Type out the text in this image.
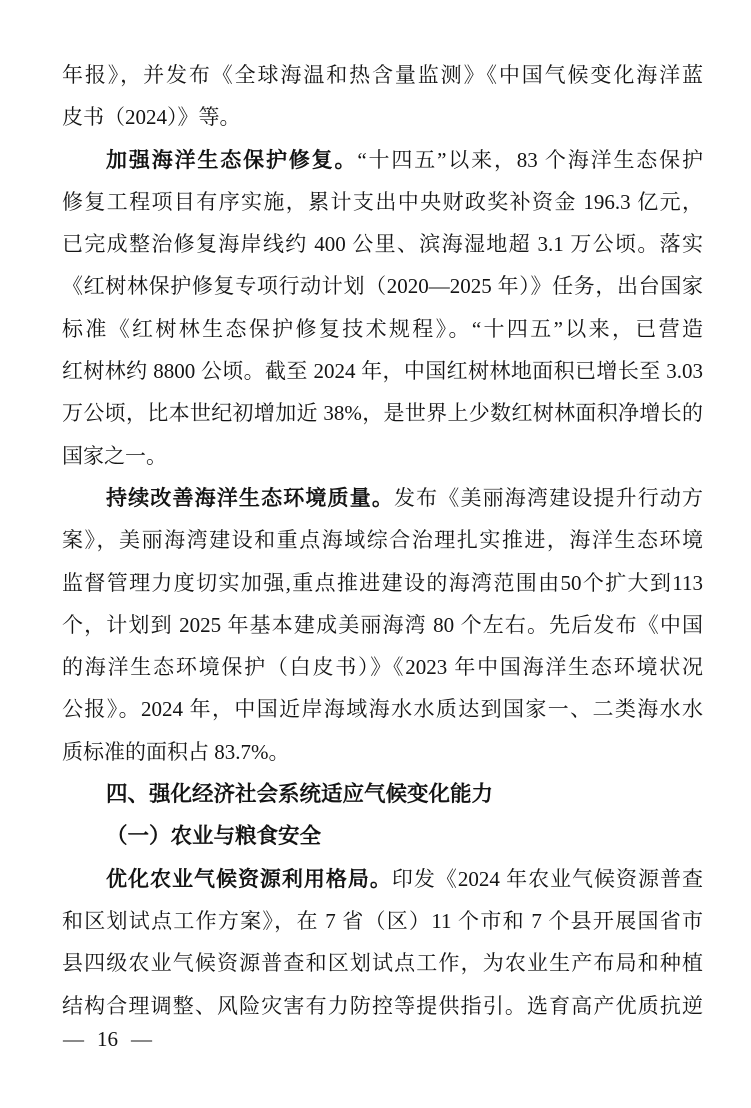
年报》，并发布《全球海温和热含量监测》《中国气候变化海洋蓝
皮书（2024）》等。
加强海洋生态保护修复。“十四五”以来，83 个海洋生态保护
修复工程项目有序实施，累计支出中央财政奖补资金 196.3 亿元，
已完成整治修复海岸线约 400 公里、滨海湿地超 3.1 万公顷。落实
《红树林保护修复专项行动计划（2020—2025 年）》任务，出台国家
标准《红树林生态保护修复技术规程》。“十四五”以来，已营造
红树林约 8800 公顷。截至 2024 年，中国红树林地面积已增长至 3.03
万公顷，比本世纪初增加近 38%，是世界上少数红树林面积净增长的
国家之一。
持续改善海洋生态环境质量。发布《美丽海湾建设提升行动方
案》，美丽海湾建设和重点海域综合治理扎实推进，海洋生态环境
监督管理力度切实加强,重点推进建设的海湾范围由50个扩大到113
个，计划到 2025 年基本建成美丽海湾 80 个左右。先后发布《中国
的海洋生态环境保护（白皮书）》《2023 年中国海洋生态环境状况
公报》。2024 年，中国近岸海域海水水质达到国家一、二类海水水
质标准的面积占 83.7%。
四、强化经济社会系统适应气候变化能力
（一）农业与粮食安全
优化农业气候资源利用格局。印发《2024 年农业气候资源普查
和区划试点工作方案》，在 7 省（区）11 个市和 7 个县开展国省市
县四级农业气候资源普查和区划试点工作，为农业生产布局和种植
结构合理调整、风险灾害有力防控等提供指引。选育高产优质抗逆
— 16 —
